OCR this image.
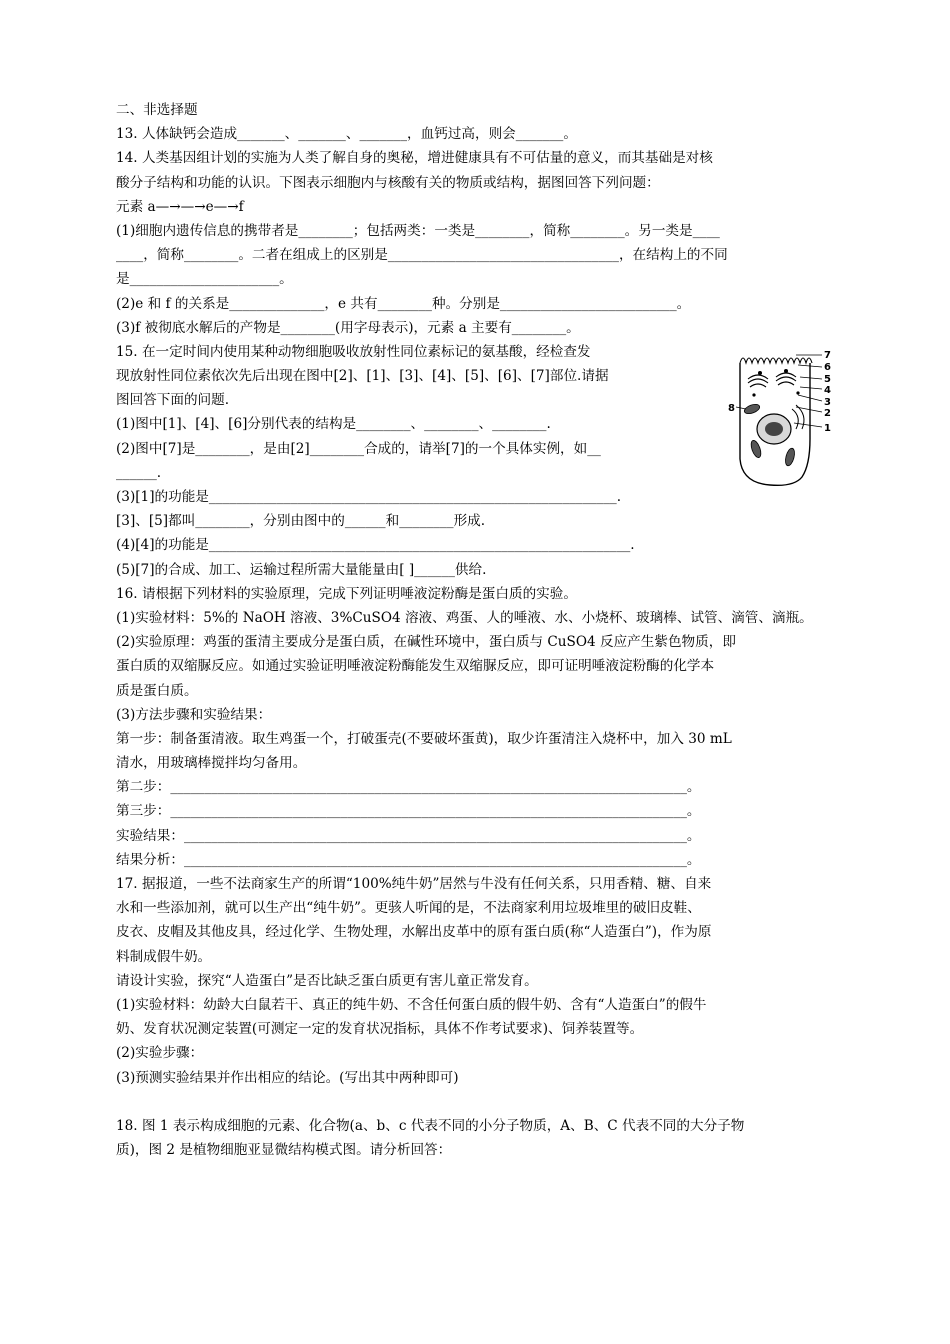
二、非选择题
13. 人体缺钙会造成_______、_______、_______，血钙过高，则会_______。
14. 人类基因组计划的实施为人类了解自身的奥秘，增进健康具有不可估量的意义，而其基础是对核
酸分子结构和功能的认识。下图表示细胞内与核酸有关的物质或结构，据图回答下列问题：
元素 a—→—→e—→f
(1)细胞内遗传信息的携带者是________；包括两类：一类是________，简称________。另一类是____
____，简称________。二者在组成上的区别是__________________________________，在结构上的不同
是______________________。
(2)e 和 f 的关系是______________，e 共有________种。分别是__________________________。
(3)f 被彻底水解后的产物是________(用字母表示)，元素 a 主要有________。
15. 在一定时间内使用某种动物细胞吸收放射性同位素标记的氨基酸，经检查发
现放射性同位素依次先后出现在图中[2]、[1]、[3]、[4]、[5]、[6]、[7]部位.请据
图回答下面的问题.
(1)图中[1]、[4]、[6]分别代表的结构是________、________、________.
(2)图中[7]是________，是由[2]________合成的，请举[7]的一个具体实例，如__
______.
(3)[1]的功能是____________________________________________________________.
[3]、[5]都叫________，分别由图中的______和________形成.
(4)[4]的功能是______________________________________________________________.
(5)[7]的合成、加工、运输过程所需大量能量由[ ]______供给.
16. 请根据下列材料的实验原理，完成下列证明唾液淀粉酶是蛋白质的实验。
(1)实验材料：5%的 NaOH 溶液、3%CuSO4 溶液、鸡蛋、人的唾液、水、小烧杯、玻璃棒、试管、滴管、滴瓶。
(2)实验原理：鸡蛋的蛋清主要成分是蛋白质，在碱性环境中，蛋白质与 CuSO4 反应产生紫色物质，即
蛋白质的双缩脲反应。如通过实验证明唾液淀粉酶能发生双缩脲反应，即可证明唾液淀粉酶的化学本
质是蛋白质。
(3)方法步骤和实验结果：
第一步：制备蛋清液。取生鸡蛋一个，打破蛋壳(不要破坏蛋黄)，取少许蛋清注入烧杯中，加入 30 mL
清水，用玻璃棒搅拌均匀备用。
第二步：____________________________________________________________________________。
第三步：____________________________________________________________________________。
实验结果：__________________________________________________________________________。
结果分析：__________________________________________________________________________。
17. 据报道，一些不法商家生产的所谓“100%纯牛奶”居然与牛没有任何关系，只用香精、糖、自来
水和一些添加剂，就可以生产出“纯牛奶”。更骇人听闻的是，不法商家利用垃圾堆里的破旧皮鞋、
皮衣、皮帽及其他皮具，经过化学、生物处理，水解出皮革中的原有蛋白质(称“人造蛋白”)，作为原
料制成假牛奶。
请设计实验，探究“人造蛋白”是否比缺乏蛋白质更有害儿童正常发育。
(1)实验材料：幼龄大白鼠若干、真正的纯牛奶、不含任何蛋白质的假牛奶、含有“人造蛋白”的假牛
奶、发育状况测定装置(可测定一定的发育状况指标，具体不作考试要求)、饲养装置等。
(2)实验步骤：
(3)预测实验结果并作出相应的结论。(写出其中两种即可)
18. 图 1 表示构成细胞的元素、化合物(a、b、c 代表不同的小分子物质，A、B、C 代表不同的大分子物
质)，图 2 是植物细胞亚显微结构模式图。请分析回答：
7
6
5
4
3
2
1
8
